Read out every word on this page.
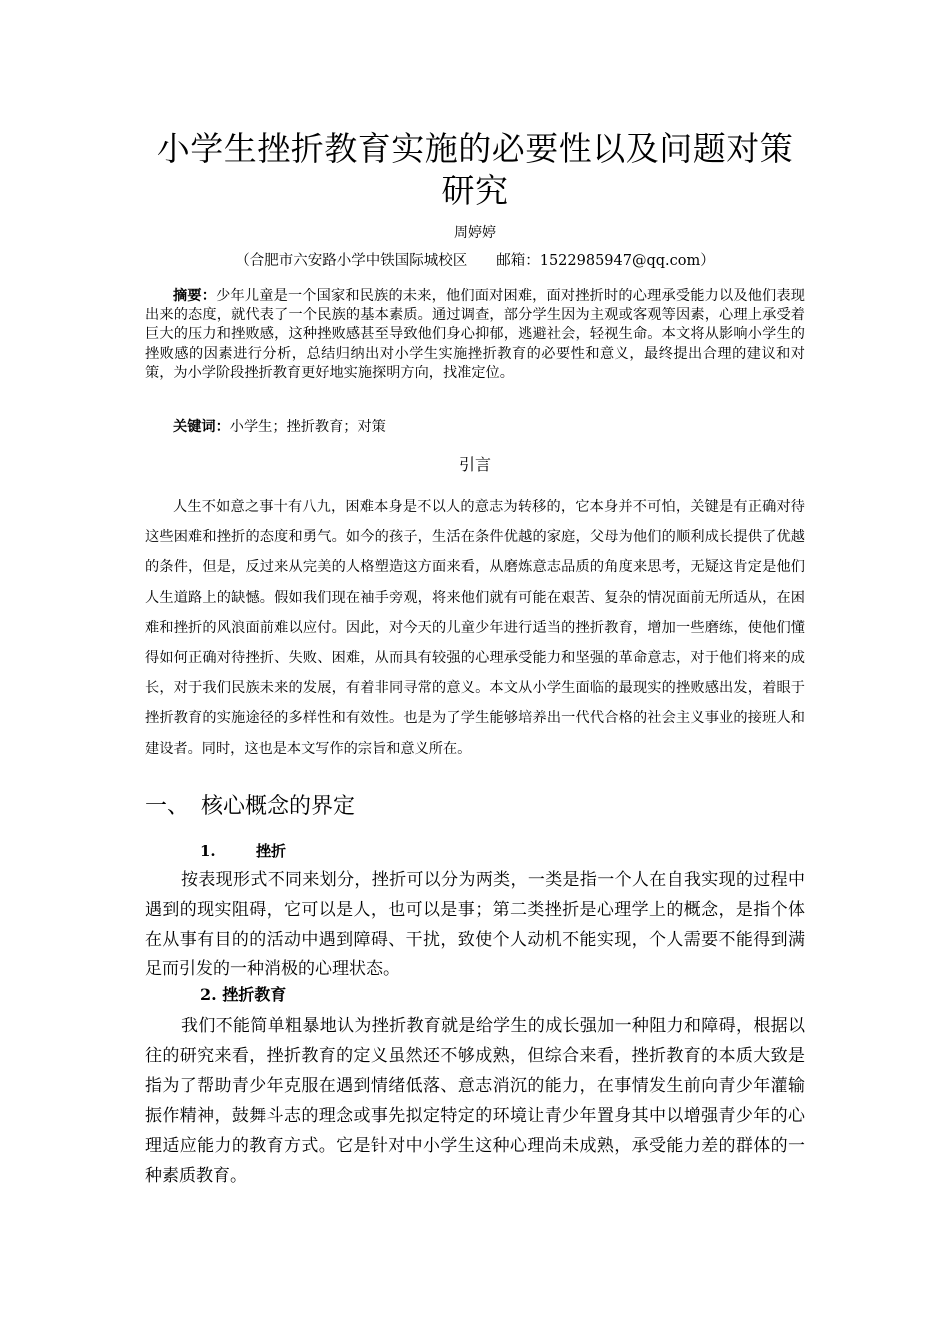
小学生挫折教育实施的必要性以及问题对策研究
周婷婷
（合肥市六安路小学中铁国际城校区　　邮箱：1522985947@qq.com）

摘要：少年儿童是一个国家和民族的未来，他们面对困难，面对挫折时的心理承受能力以及他们表现出来的态度，就代表了一个民族的基本素质。通过调查，部分学生因为主观或客观等因素，心理上承受着巨大的压力和挫败感，这种挫败感甚至导致他们身心抑郁，逃避社会，轻视生命。本文将从影响小学生的挫败感的因素进行分析，总结归纳出对小学生实施挫折教育的必要性和意义，最终提出合理的建议和对策，为小学阶段挫折教育更好地实施探明方向，找准定位。

关键词：小学生；挫折教育；对策

引言

人生不如意之事十有八九，困难本身是不以人的意志为转移的，它本身并不可怕，关键是有正确对待这些困难和挫折的态度和勇气。如今的孩子，生活在条件优越的家庭，父母为他们的顺利成长提供了优越的条件，但是，反过来从完美的人格塑造这方面来看，从磨炼意志品质的角度来思考，无疑这肯定是他们人生道路上的缺憾。假如我们现在袖手旁观，将来他们就有可能在艰苦、复杂的情况面前无所适从，在困难和挫折的风浪面前难以应付。因此，对今天的儿童少年进行适当的挫折教育，增加一些磨练，使他们懂得如何正确对待挫折、失败、困难，从而具有较强的心理承受能力和坚强的革命意志，对于他们将来的成长，对于我们民族未来的发展，有着非同寻常的意义。本文从小学生面临的最现实的挫败感出发，着眼于挫折教育的实施途径的多样性和有效性。也是为了学生能够培养出一代代合格的社会主义事业的接班人和建设者。同时，这也是本文写作的宗旨和意义所在。

一、 核心概念的界定
1.	挫折

按表现形式不同来划分，挫折可以分为两类，一类是指一个人在自我实现的过程中遇到的现实阻碍，它可以是人，也可以是事；第二类挫折是心理学上的概念，是指个体在从事有目的的活动中遇到障碍、干扰，致使个人动机不能实现，个人需要不能得到满足而引发的一种消极的心理状态。

2. 挫折教育

我们不能简单粗暴地认为挫折教育就是给学生的成长强加一种阻力和障碍，根据以往的研究来看，挫折教育的定义虽然还不够成熟，但综合来看，挫折教育的本质大致是指为了帮助青少年克服在遇到情绪低落、意志消沉的能力，在事情发生前向青少年灌输振作精神，鼓舞斗志的理念或事先拟定特定的环境让青少年置身其中以增强青少年的心理适应能力的教育方式。它是针对中小学生这种心理尚未成熟，承受能力差的群体的一种素质教育。
